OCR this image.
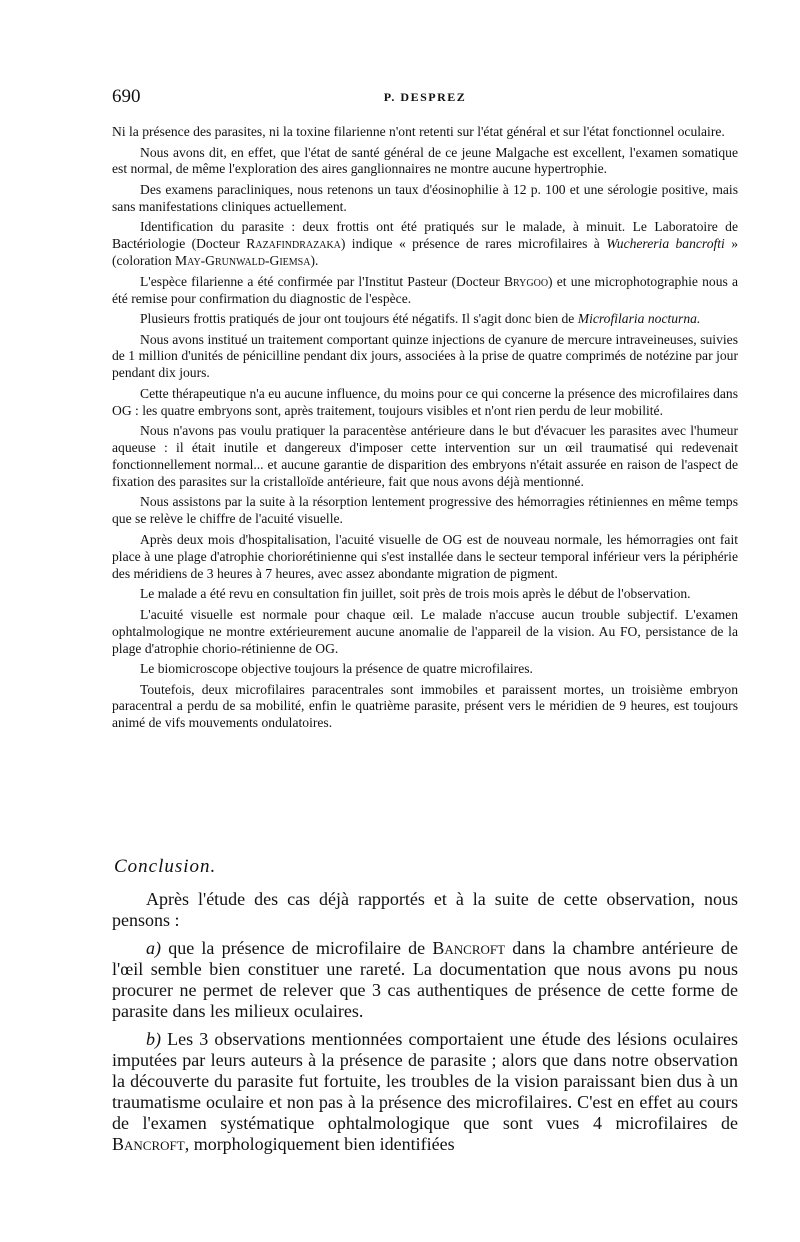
690	P. DESPREZ

Ni la présence des parasites, ni la toxine filarienne n'ont retenti sur l'état général et sur l'état fonctionnel oculaire.

Nous avons dit, en effet, que l'état de santé général de ce jeune Malgache est excellent, l'examen somatique est normal, de même l'exploration des aires ganglionnaires ne montre aucune hypertrophie.

Des examens paracliniques, nous retenons un taux d'éosinophilie à 12 p. 100 et une sérologie positive, mais sans manifestations cliniques actuellement.

Identification du parasite : deux frottis ont été pratiqués sur le malade, à minuit. Le Laboratoire de Bactériologie (Docteur Razafindrazaka) indique « présence de rares microfilaires à Wuchereria bancrofti » (coloration May-Grunwald-Giemsa).

L'espèce filarienne a été confirmée par l'Institut Pasteur (Docteur Brygoo) et une microphotographie nous a été remise pour confirmation du diagnostic de l'espèce.

Plusieurs frottis pratiqués de jour ont toujours été négatifs. Il s'agit donc bien de Microfilaria nocturna.

Nous avons institué un traitement comportant quinze injections de cyanure de mercure intraveineuses, suivies de 1 million d'unités de pénicilline pendant dix jours, associées à la prise de quatre comprimés de notézine par jour pendant dix jours.

Cette thérapeutique n'a eu aucune influence, du moins pour ce qui concerne la présence des microfilaires dans OG : les quatre embryons sont, après traitement, toujours visibles et n'ont rien perdu de leur mobilité.

Nous n'avons pas voulu pratiquer la paracentèse antérieure dans le but d'évacuer les parasites avec l'humeur aqueuse : il était inutile et dangereux d'imposer cette intervention sur un œil traumatisé qui redevenait fonctionnellement normal... et aucune garantie de disparition des embryons n'était assurée en raison de l'aspect de fixation des parasites sur la cristalloïde antérieure, fait que nous avons déjà mentionné.

Nous assistons par la suite à la résorption lentement progressive des hémorragies rétiniennes en même temps que se relève le chiffre de l'acuité visuelle.

Après deux mois d'hospitalisation, l'acuité visuelle de OG est de nouveau normale, les hémorragies ont fait place à une plage d'atrophie choriorétinienne qui s'est installée dans le secteur temporal inférieur vers la périphérie des méridiens de 3 heures à 7 heures, avec assez abondante migration de pigment.

Le malade a été revu en consultation fin juillet, soit près de trois mois après le début de l'observation.

L'acuité visuelle est normale pour chaque œil. Le malade n'accuse aucun trouble subjectif. L'examen ophtalmologique ne montre extérieurement aucune anomalie de l'appareil de la vision. Au FO, persistance de la plage d'atrophie chorio-rétinienne de OG.

Le biomicroscope objective toujours la présence de quatre microfilaires.

Toutefois, deux microfilaires paracentrales sont immobiles et paraissent mortes, un troisième embryon paracentral a perdu de sa mobilité, enfin le quatrième parasite, présent vers le méridien de 9 heures, est toujours animé de vifs mouvements ondulatoires.

Conclusion.

Après l'étude des cas déjà rapportés et à la suite de cette observation, nous pensons :

a) que la présence de microfilaire de Bancroft dans la chambre antérieure de l'œil semble bien constituer une rareté. La documentation que nous avons pu nous procurer ne permet de relever que 3 cas authentiques de présence de cette forme de parasite dans les milieux oculaires.

b) Les 3 observations mentionnées comportaient une étude des lésions oculaires imputées par leurs auteurs à la présence de parasite ; alors que dans notre observation la découverte du parasite fut fortuite, les troubles de la vision paraissant bien dus à un traumatisme oculaire et non pas à la présence des microfilaires. C'est en effet au cours de l'examen systématique ophtalmologique que sont vues 4 microfilaires de Bancroft, morphologiquement bien identifiées
